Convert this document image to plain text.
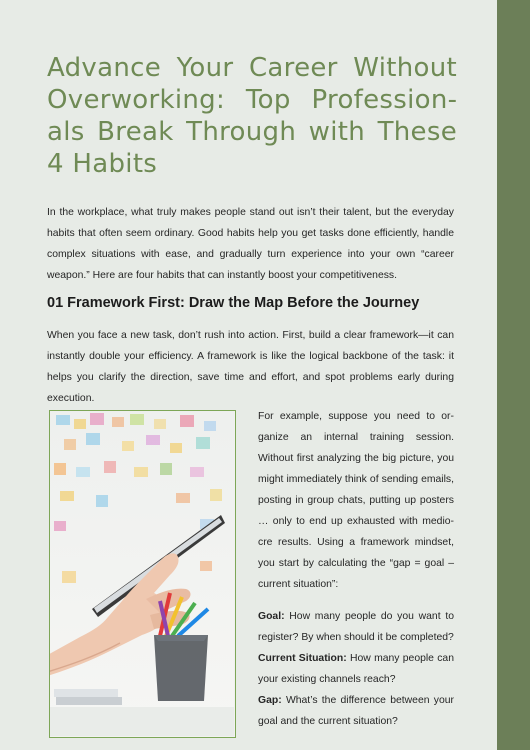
Advance Your Career Without Overworking: Top Professionals Break Through with These 4 Habits

In the workplace, what truly makes people stand out isn’t their talent, but the everyday habits that often seem ordinary. Good habits help you get tasks done efficiently, handle complex situations with ease, and gradually turn experience into your own “career weapon.” Here are four habits that can instantly boost your competitiveness.

01 Framework First: Draw the Map Before the Journey

When you face a new task, don’t rush into action. First, build a clear framework—it can instantly double your efficiency. A framework is like the logical backbone of the task: it helps you clarify the direction, save time and effort, and spot problems early during execution.

For example, suppose you need to organize an internal training session. Without first analyzing the big picture, you might immediately think of sending emails, posting in group chats, putting up posters … only to end up exhausted with mediocre results. Using a framework mindset, you start by calculating the “gap = goal – current situation”:

Goal: How many people do you want to register? By when should it be completed?

Current Situation: How many people can your existing channels reach?

Gap: What’s the difference between your goal and the current situation?
